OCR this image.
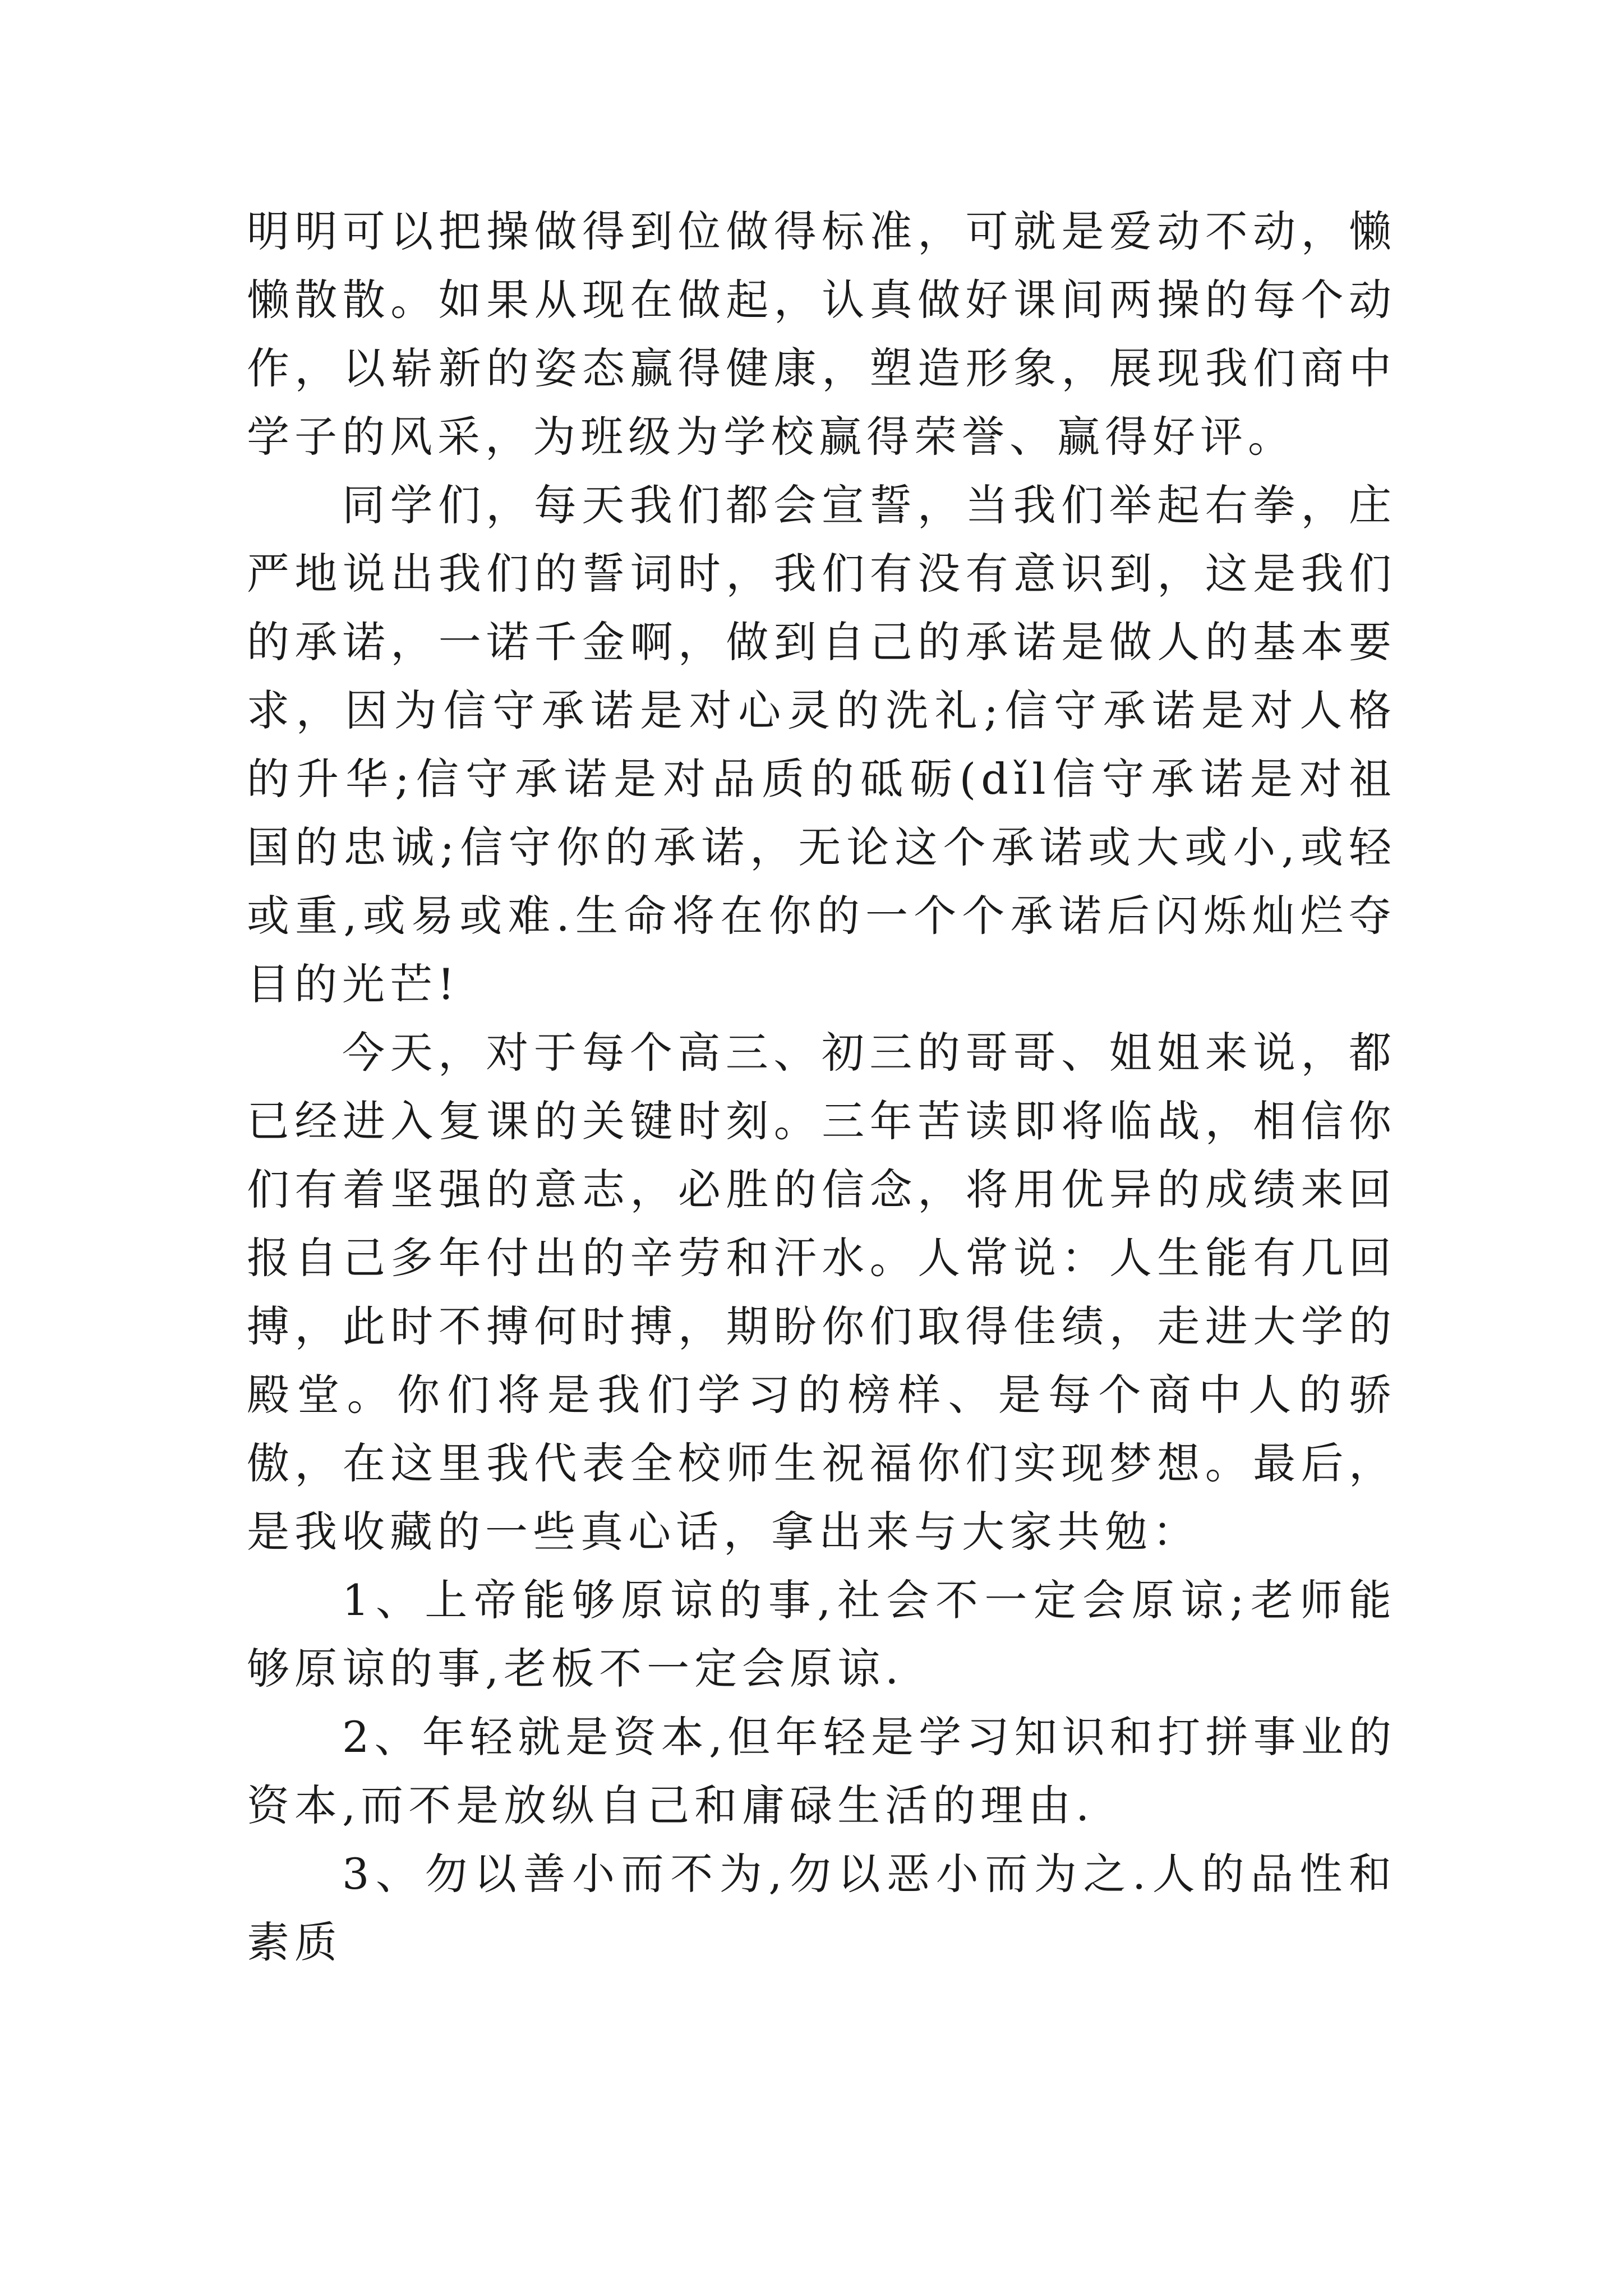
明明可以把操做得到位做得标准，可就是爱动不动，懒懒散散。如果从现在做起，认真做好课间两操的每个动作，以崭新的姿态赢得健康，塑造形象，展现我们商中学子的风采，为班级为学校赢得荣誉、赢得好评。

同学们，每天我们都会宣誓，当我们举起右拳，庄严地说出我们的誓词时，我们有没有意识到，这是我们的承诺，一诺千金啊，做到自己的承诺是做人的基本要求，因为信守承诺是对心灵的洗礼;信守承诺是对人格的升华;信守承诺是对品质的砥砺(dǐl信守承诺是对祖国的忠诚;信守你的承诺，无论这个承诺或大或小,或轻或重,或易或难.生命将在你的一个个承诺后闪烁灿烂夺目的光芒!

今天，对于每个高三、初三的哥哥、姐姐来说，都已经进入复课的关键时刻。三年苦读即将临战，相信你们有着坚强的意志，必胜的信念，将用优异的成绩来回报自己多年付出的辛劳和汗水。人常说：人生能有几回搏，此时不搏何时搏，期盼你们取得佳绩，走进大学的殿堂。你们将是我们学习的榜样、是每个商中人的骄傲，在这里我代表全校师生祝福你们实现梦想。最后，是我收藏的一些真心话，拿出来与大家共勉：

1、上帝能够原谅的事,社会不一定会原谅;老师能够原谅的事,老板不一定会原谅.

2、年轻就是资本,但年轻是学习知识和打拼事业的资本,而不是放纵自己和庸碌生活的理由.

3、勿以善小而不为,勿以恶小而为之.人的品性和素质
